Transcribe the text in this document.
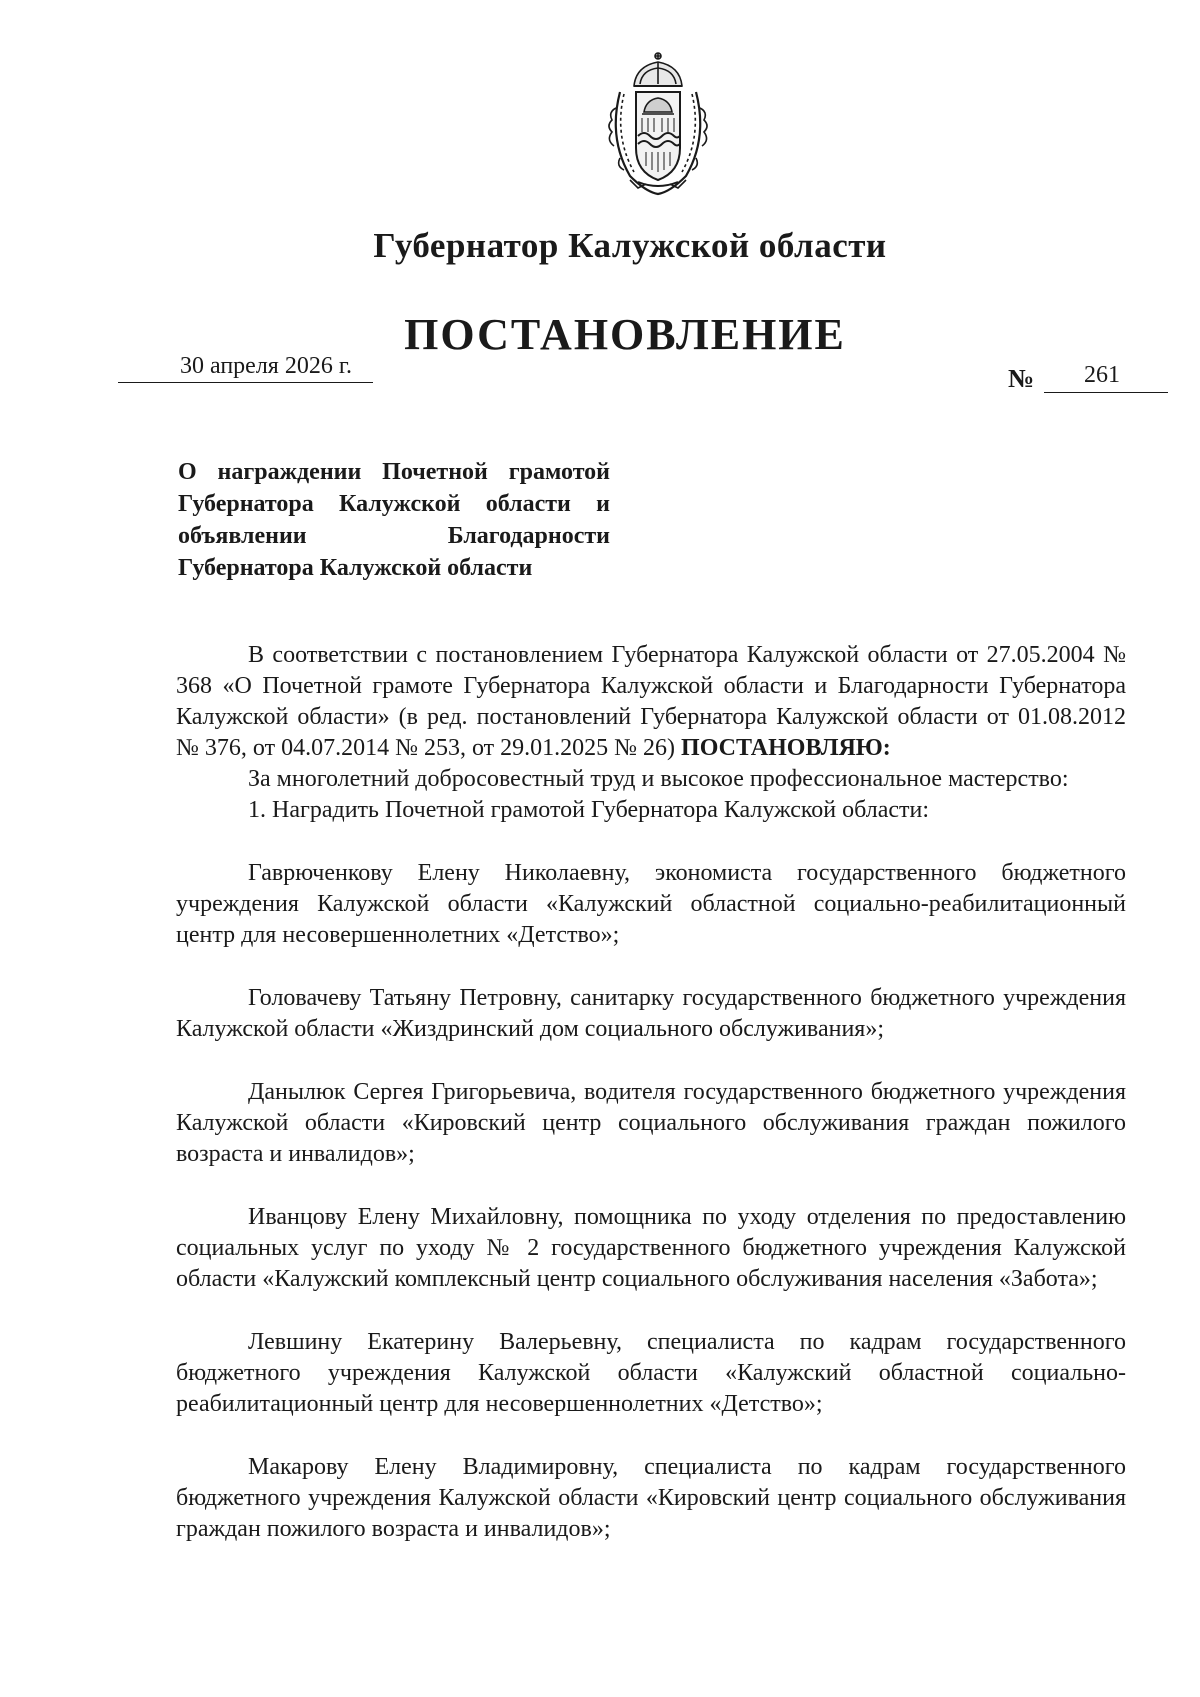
Губернатор Калужской области
ПОСТАНОВЛЕНИЕ
30 апреля 2026 г.	№ 261
О награждении Почетной грамотой Губернатора Калужской области и объявлении Благодарности Губернатора Калужской области

В соответствии с постановлением Губернатора Калужской области от 27.05.2004 № 368 «О Почетной грамоте Губернатора Калужской области и Благодарности Губернатора Калужской области» (в ред. постановлений Губернатора Калужской области от 01.08.2012 № 376, от 04.07.2014 № 253, от 29.01.2025 № 26) ПОСТАНОВЛЯЮ:

За многолетний добросовестный труд и высокое профессиональное мастерство:

1. Наградить Почетной грамотой Губернатора Калужской области:

Гаврюченкову Елену Николаевну, экономиста государственного бюджетного учреждения Калужской области «Калужский областной социально-реабилитационный центр для несовершеннолетних «Детство»;

Головачеву Татьяну Петровну, санитарку государственного бюджетного учреждения Калужской области «Жиздринский дом социального обслуживания»;

Данылюк Сергея Григорьевича, водителя государственного бюджетного учреждения Калужской области «Кировский центр социального обслуживания граждан пожилого возраста и инвалидов»;

Иванцову Елену Михайловну, помощника по уходу отделения по предоставлению социальных услуг по уходу № 2 государственного бюджетного учреждения Калужской области «Калужский комплексный центр социального обслуживания населения «Забота»;

Левшину Екатерину Валерьевну, специалиста по кадрам государственного бюджетного учреждения Калужской области «Калужский областной социально-реабилитационный центр для несовершеннолетних «Детство»;

Макарову Елену Владимировну, специалиста по кадрам государственного бюджетного учреждения Калужской области «Кировский центр социального обслуживания граждан пожилого возраста и инвалидов»;
